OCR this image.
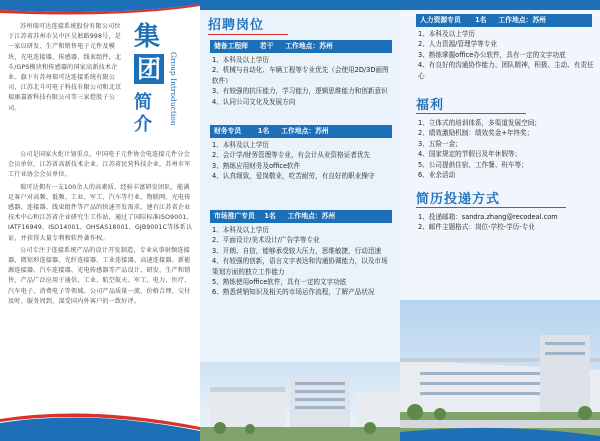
苏州瑞可达连接系统股份有限公司位于江苏省苏州市吴中区吴淞路998号，是一家以研发、生产和销售电子元件及模块，光电连接器、传感器、线束组件，北斗/GPS模块和传感器的国家高新技术企业。旗下有苏州瑞可达连接系统有限公司、江苏北斗可电子科技有限公司和北京瑞康嘉新科技有限公司等三家控股子公司。

集
团
简
介 Group Introduction

公司是国家火炬计划重点，中国电子元件协会电连接元件分会会员单位，江苏省高新技术企业，江苏省民营科技企业，苏州市军工行业协会会员单位。

瑞可达拥有一支100余人的高素质、经验丰富研发团队，能满足客户对高频、低频、工业、军工、汽车等行业、物联网、光电传感器、连接器、线束组件等产品的快速开发需求，建有江苏省企业技术中心和江苏省企业研究生工作站，通过了国际标准ISO9001、IATF16949、ISO14001、OHSAS18001、GJB9001C等体系认证，并获得大量专利和软件著作权。

公司专注于连接系统产品的设计开发制造，专业从事射频连接器、微矩形连接器、光纤连接器、工业连接器、高速连接器、新能源连接器、汽车连接器、光电传感器等产品设计、研发、生产和销售，产品广泛应用于通信、工业、航空航天、军工、电力、医疗、汽车电子、消费电子等领域。公司产品质量一流、价格合理、交付及时、服务周到，深受国内外客户的一致好评。

招聘岗位
储备工程师 若干 工作地点：苏州
1、本科及以上学历
2、机械与自动化、车辆工程等专业优先（会使用2D/3D画图软件）
3、有较强的抗压能力，学习能力，逻辑思维能力和创新意识
4、认同公司文化及发展方向
财务专员 1名 工作地点：苏州
1、本科及以上学历
2、会计学/财务管理等专业，有会计从业资格证者优先
3、熟练应用财务及office软件
4、认真细致，爱岗敬业，吃苦耐劳，有良好的职业操守
市场推广专员 1名 工作地点：苏州
1、本科及以上学历
2、平面设计/美术设计/广告学等专业
3、开朗、自信，能够承受较大压力，思维敏捷，行动迅速
4、有较强的创新，语言文字表达和沟通协调能力，以及市场策划方面的独立工作能力
5、熟练使用office软件，具有一定的文字功底
6、熟悉营销知识及相关的市场运作流程，了解产品状况
人力资源专员 1名 工作地点：苏州
1、本科及以上学历
2、人力资源/管理学等专业
3、熟练掌握office办公软件，具有一定的文字功底
4、有良好的沟通协作能力、团队精神，积极、主动、有责任心
福利
1、立体式的培训体系，多渠道发展空间；
2、绩效激励机制：绩效奖金+年终奖；
3、五险一金；
4、国家规定的节假日及年休假等；
5、公司提供住宿、工作餐、班车等；
6、业余活动
简历投递方式
1、投递邮箱：sandra.zhang@recodeal.com
2、邮件主题格式：岗位-学校-学历-专业
